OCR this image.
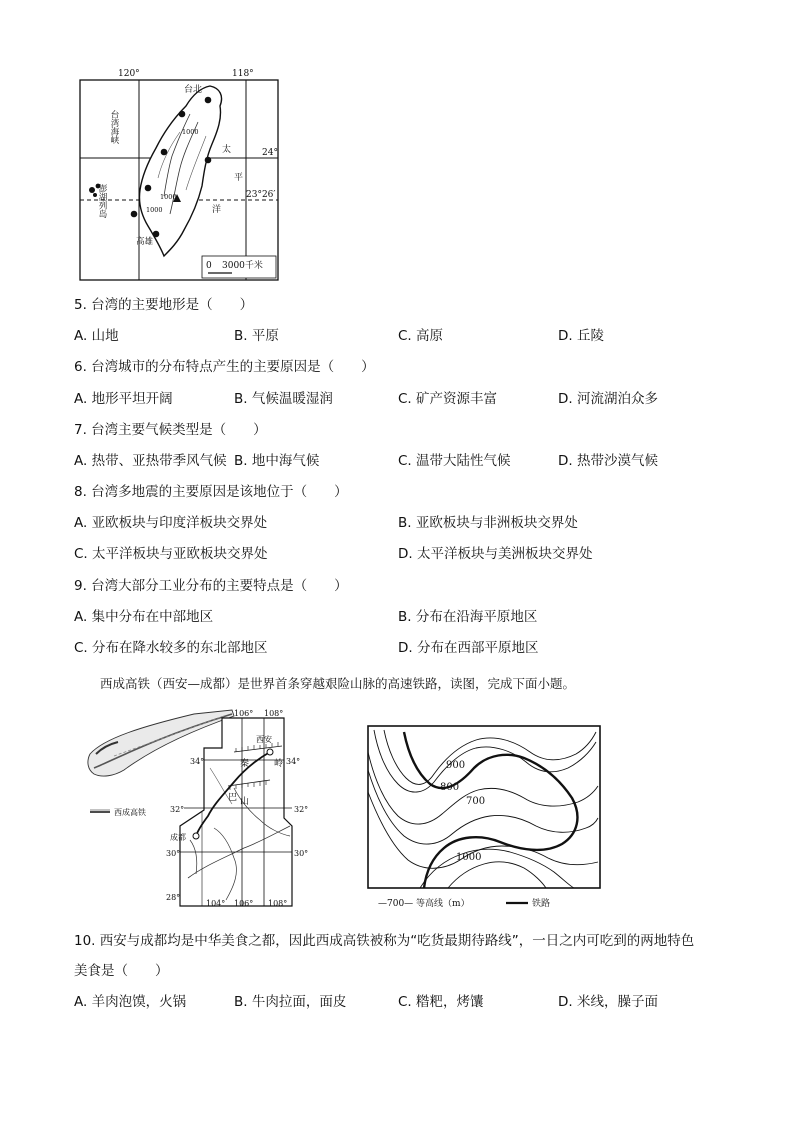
120°	118°
24°
23°26′
台北
台湾海峡
澎湖列岛
高雄
太
平
洋
1000
1000
1000
0 3000千米
5. 台湾的主要地形是（　　）
A. 山地	B. 平原	C. 高原	D. 丘陵
6. 台湾城市的分布特点产生的主要原因是（　　）
A. 地形平坦开阔	B. 气候温暖湿润	C. 矿产资源丰富	D. 河流湖泊众多
7. 台湾主要气候类型是（　　）
A. 热带、亚热带季风气候 B. 地中海气候	C. 温带大陆性气候	D. 热带沙漠气候
8. 台湾多地震的主要原因是该地位于（　　）
A. 亚欧板块与印度洋板块交界处	B. 亚欧板块与非洲板块交界处
C. 太平洋板块与亚欧板块交界处	D. 太平洋板块与美洲板块交界处
9. 台湾大部分工业分布的主要特点是（　　）
A. 集中分布在中部地区	B. 分布在沿海平原地区
C. 分布在降水较多的东北部地区	D. 分布在西部平原地区
西成高铁（西安—成都）是世界首条穿越艰险山脉的高速铁路，读图，完成下面小题。
西成高铁
106° 108°
104° 106° 108°
34°
32°
30°
28°
34°
32°
30°
西安
成都
秦	岭
巴 山
900
800
700
1000
—700— 等高线（m）	铁路
10. 西安与成都均是中华美食之都，因此西成高铁被称为“吃货最期待路线”，一日之内可吃到的两地特色
美食是（　　）
A. 羊肉泡馍，火锅	B. 牛肉拉面，面皮	C. 糌粑，烤馕	D. 米线，臊子面
